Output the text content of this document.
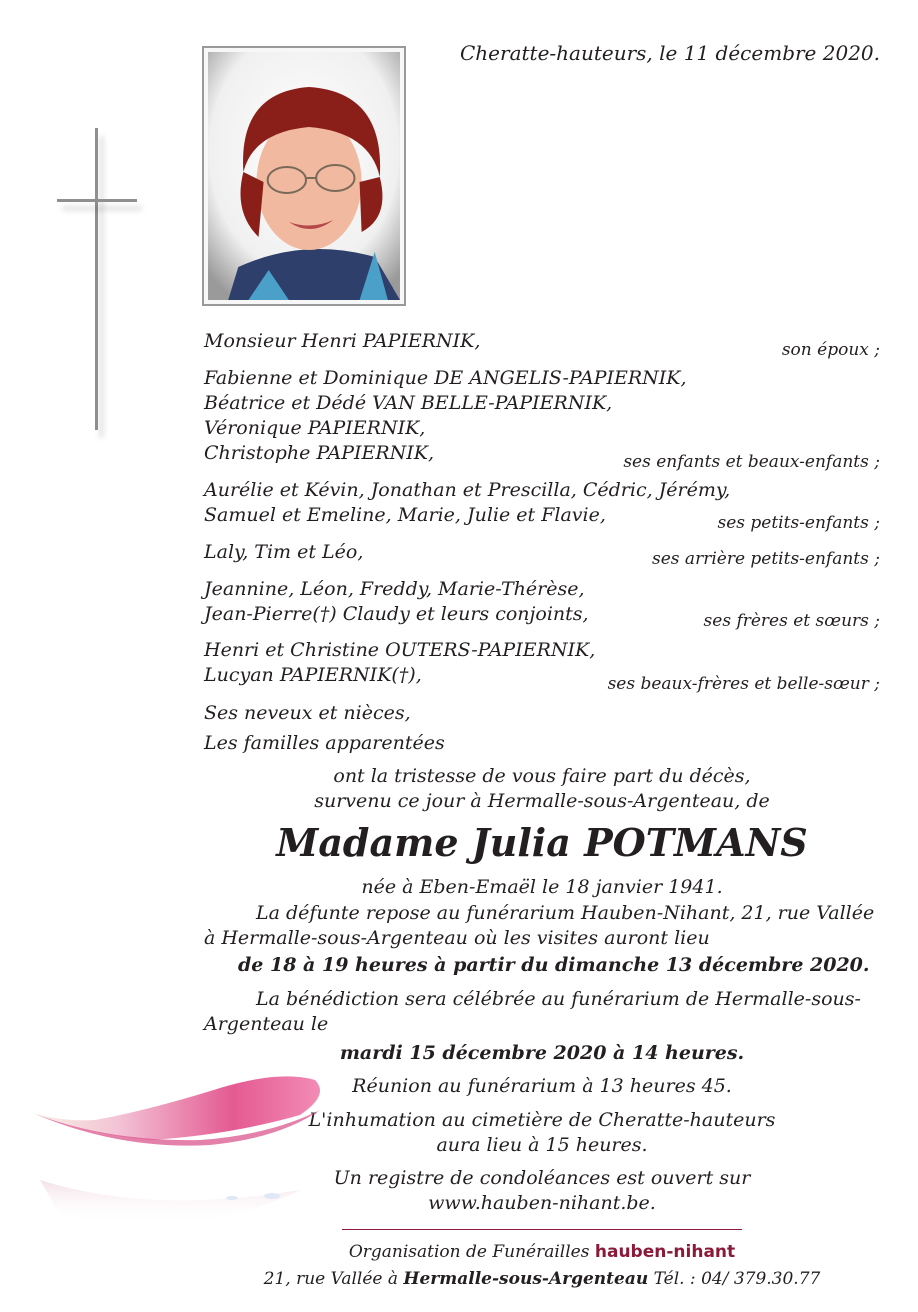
Cheratte-hauteurs, le 11 décembre 2020.
Monsieur Henri PAPIERNIK,	son époux ;
Fabienne et Dominique DE ANGELIS-PAPIERNIK,
Béatrice et Dédé VAN BELLE-PAPIERNIK,
Véronique PAPIERNIK,
Christophe PAPIERNIK,	ses enfants et beaux-enfants ;
Aurélie et Kévin, Jonathan et Prescilla, Cédric, Jérémy,
Samuel et Emeline, Marie, Julie et Flavie,	ses petits-enfants ;
Laly, Tim et Léo,	ses arrière petits-enfants ;
Jeannine, Léon, Freddy, Marie-Thérèse,
Jean-Pierre(†) Claudy et leurs conjoints,	ses frères et sœurs ;
Henri et Christine OUTERS-PAPIERNIK,
Lucyan PAPIERNIK(†),	ses beaux-frères et belle-sœur ;
Ses neveux et nièces,
Les familles apparentées
ont la tristesse de vous faire part du décès,
survenu ce jour à Hermalle-sous-Argenteau, de
Madame Julia POTMANS
née à Eben-Emaël le 18 janvier 1941.
La défunte repose au funérarium Hauben-Nihant, 21, rue Vallée
à Hermalle-sous-Argenteau où les visites auront lieu
de 18 à 19 heures à partir du dimanche 13 décembre 2020.
La bénédiction sera célébrée au funérarium de Hermalle-sous-
Argenteau le
mardi 15 décembre 2020 à 14 heures.
Réunion au funérarium à 13 heures 45.
L'inhumation au cimetière de Cheratte-hauteurs
aura lieu à 15 heures.
Un registre de condoléances est ouvert sur
www.hauben-nihant.be.
Organisation de Funérailles hauben-nihant
21, rue Vallée à Hermalle-sous-Argenteau Tél. : 04/ 379.30.77
